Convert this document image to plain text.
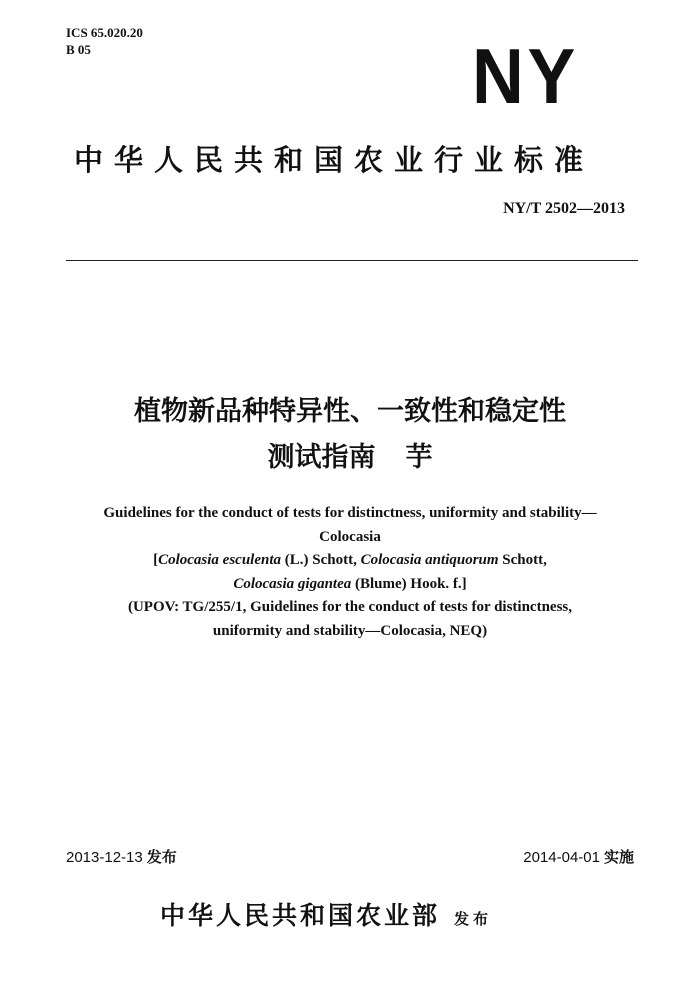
ICS 65.020.20
B 05	NY
中华人民共和国农业行业标准
NY/T 2502—2013
植物新品种特异性、一致性和稳定性
测试指南 芋
Guidelines for the conduct of tests for distinctness, uniformity and stability—
Colocasia
[Colocasia esculenta (L.) Schott, Colocasia antiquorum Schott,
Colocasia gigantea (Blume) Hook. f.]
(UPOV: TG/255/1, Guidelines for the conduct of tests for distinctness,
uniformity and stability—Colocasia, NEQ)
2013-12-13 发布	2014-04-01 实施
中华人民共和国农业部 发布
